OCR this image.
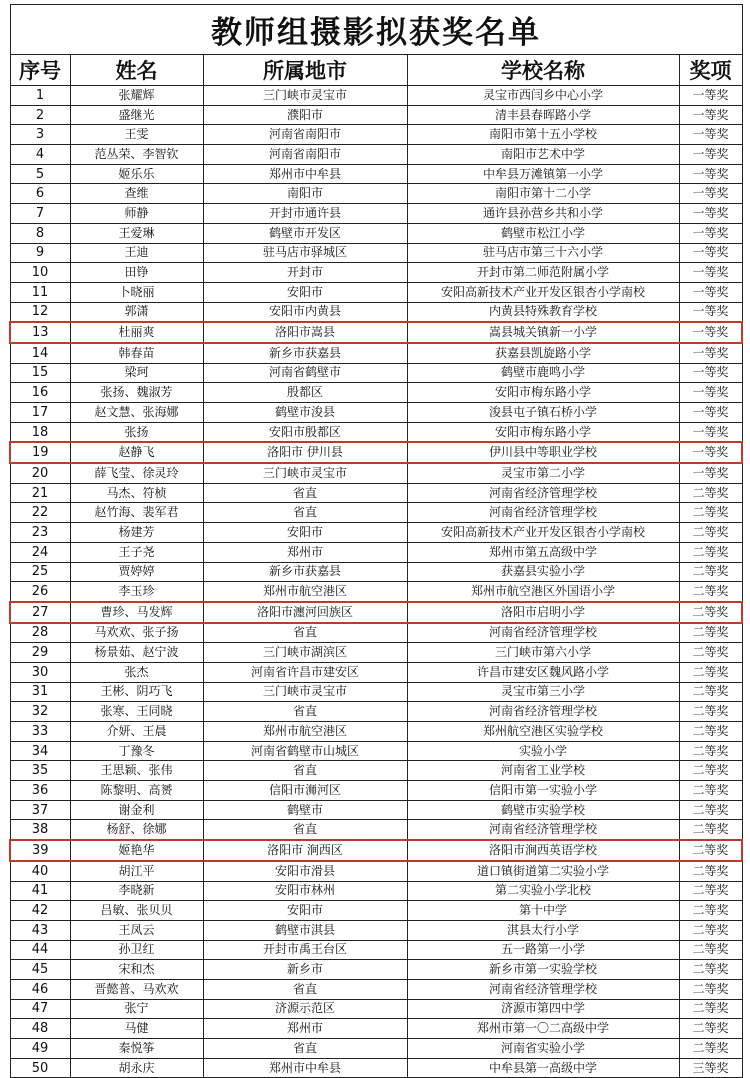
教师组摄影拟获奖名单				
序号	姓名	所属地市	学校名称	奖项
1	张耀辉	三门峡市灵宝市	灵宝市西闫乡中心小学	一等奖
2	盛继光	濮阳市	清丰县春晖路小学	一等奖
3	王雯	河南省南阳市	南阳市第十五小学校	一等奖
4	范丛荣、李智钦	河南省南阳市	南阳市艺术中学	一等奖
5	姬乐乐	郑州市中牟县	中牟县万滩镇第一小学	一等奖
6	查维	南阳市	南阳市第十二小学	一等奖
7	师静	开封市通许县	通许县孙营乡共和小学	一等奖
8	王爱琳	鹤壁市开发区	鹤壁市松江小学	一等奖
9	王迪	驻马店市驿城区	驻马店市第三十六小学	一等奖
10	田铮	开封市	开封市第二师范附属小学	一等奖
11	卜晓丽	安阳市	安阳高新技术产业开发区银杏小学南校	一等奖
12	郭潇	安阳市内黄县	内黄县特殊教育学校	一等奖
13	杜丽爽	洛阳市嵩县	嵩县城关镇新一小学	一等奖
14	韩春苗	新乡市获嘉县	获嘉县凯旋路小学	一等奖
15	梁珂	河南省鹤壁市	鹤壁市鹿鸣小学	一等奖
16	张扬、魏淑芳	殷都区	安阳市梅东路小学	一等奖
17	赵文慧、张海娜	鹤壁市浚县	浚县屯子镇石桥小学	一等奖
18	张扬	安阳市殷都区	安阳市梅东路小学	一等奖
19	赵静飞	洛阳市 伊川县	伊川县中等职业学校	一等奖
20	薛飞莹、徐灵玲	三门峡市灵宝市	灵宝市第二小学	一等奖
21	马杰、符桢	省直	河南省经济管理学校	二等奖
22	赵竹海、裴军君	省直	河南省经济管理学校	二等奖
23	杨建芳	安阳市	安阳高新技术产业开发区银杏小学南校	二等奖
24	王子尧	郑州市	郑州市第五高级中学	二等奖
25	贾婷婷	新乡市获嘉县	获嘉县实验小学	二等奖
26	李玉珍	郑州市航空港区	郑州市航空港区外国语小学	二等奖
27	曹珍、马发辉	洛阳市瀍河回族区	洛阳市启明小学	二等奖
28	马欢欢、张子扬	省直	河南省经济管理学校	二等奖
29	杨景茹、赵宁波	三门峡市湖滨区	三门峡市第六小学	二等奖
30	张杰	河南省许昌市建安区	许昌市建安区魏风路小学	二等奖
31	王彬、阴巧飞	三门峡市灵宝市	灵宝市第三小学	二等奖
32	张寒、王同晓	省直	河南省经济管理学校	二等奖
33	介妍、王晨	郑州市航空港区	郑州航空港区实验学校	二等奖
34	丁豫冬	河南省鹤壁市山城区	实验小学	二等奖
35	王思颖、张伟	省直	河南省工业学校	二等奖
36	陈黎明、高赟	信阳市浉河区	信阳市第一实验小学	二等奖
37	谢金利	鹤壁市	鹤壁市实验学校	二等奖
38	杨舒、徐娜	省直	河南省经济管理学校	二等奖
39	姬艳华	洛阳市 涧西区	洛阳市涧西英语学校	二等奖
40	胡江平	安阳市滑县	道口镇街道第二实验小学	二等奖
41	李晓新	安阳市林州	第二实验小学北校	二等奖
42	吕敏、张贝贝	安阳市	第十中学	二等奖
43	王凤云	鹤壁市淇县	淇县太行小学	二等奖
44	孙卫红	开封市禹王台区	五一路第一小学	二等奖
45	宋和杰	新乡市	新乡市第一实验学校	二等奖
46	晋懿普、马欢欢	省直	河南省经济管理学校	二等奖
47	张宁	济源示范区	济源市第四中学	二等奖
48	马健	郑州市	郑州市第一〇二高级中学	二等奖
49	秦悦筝	省直	河南省实验小学	二等奖
50	胡永庆	郑州市中牟县	中牟县第一高级中学	三等奖
